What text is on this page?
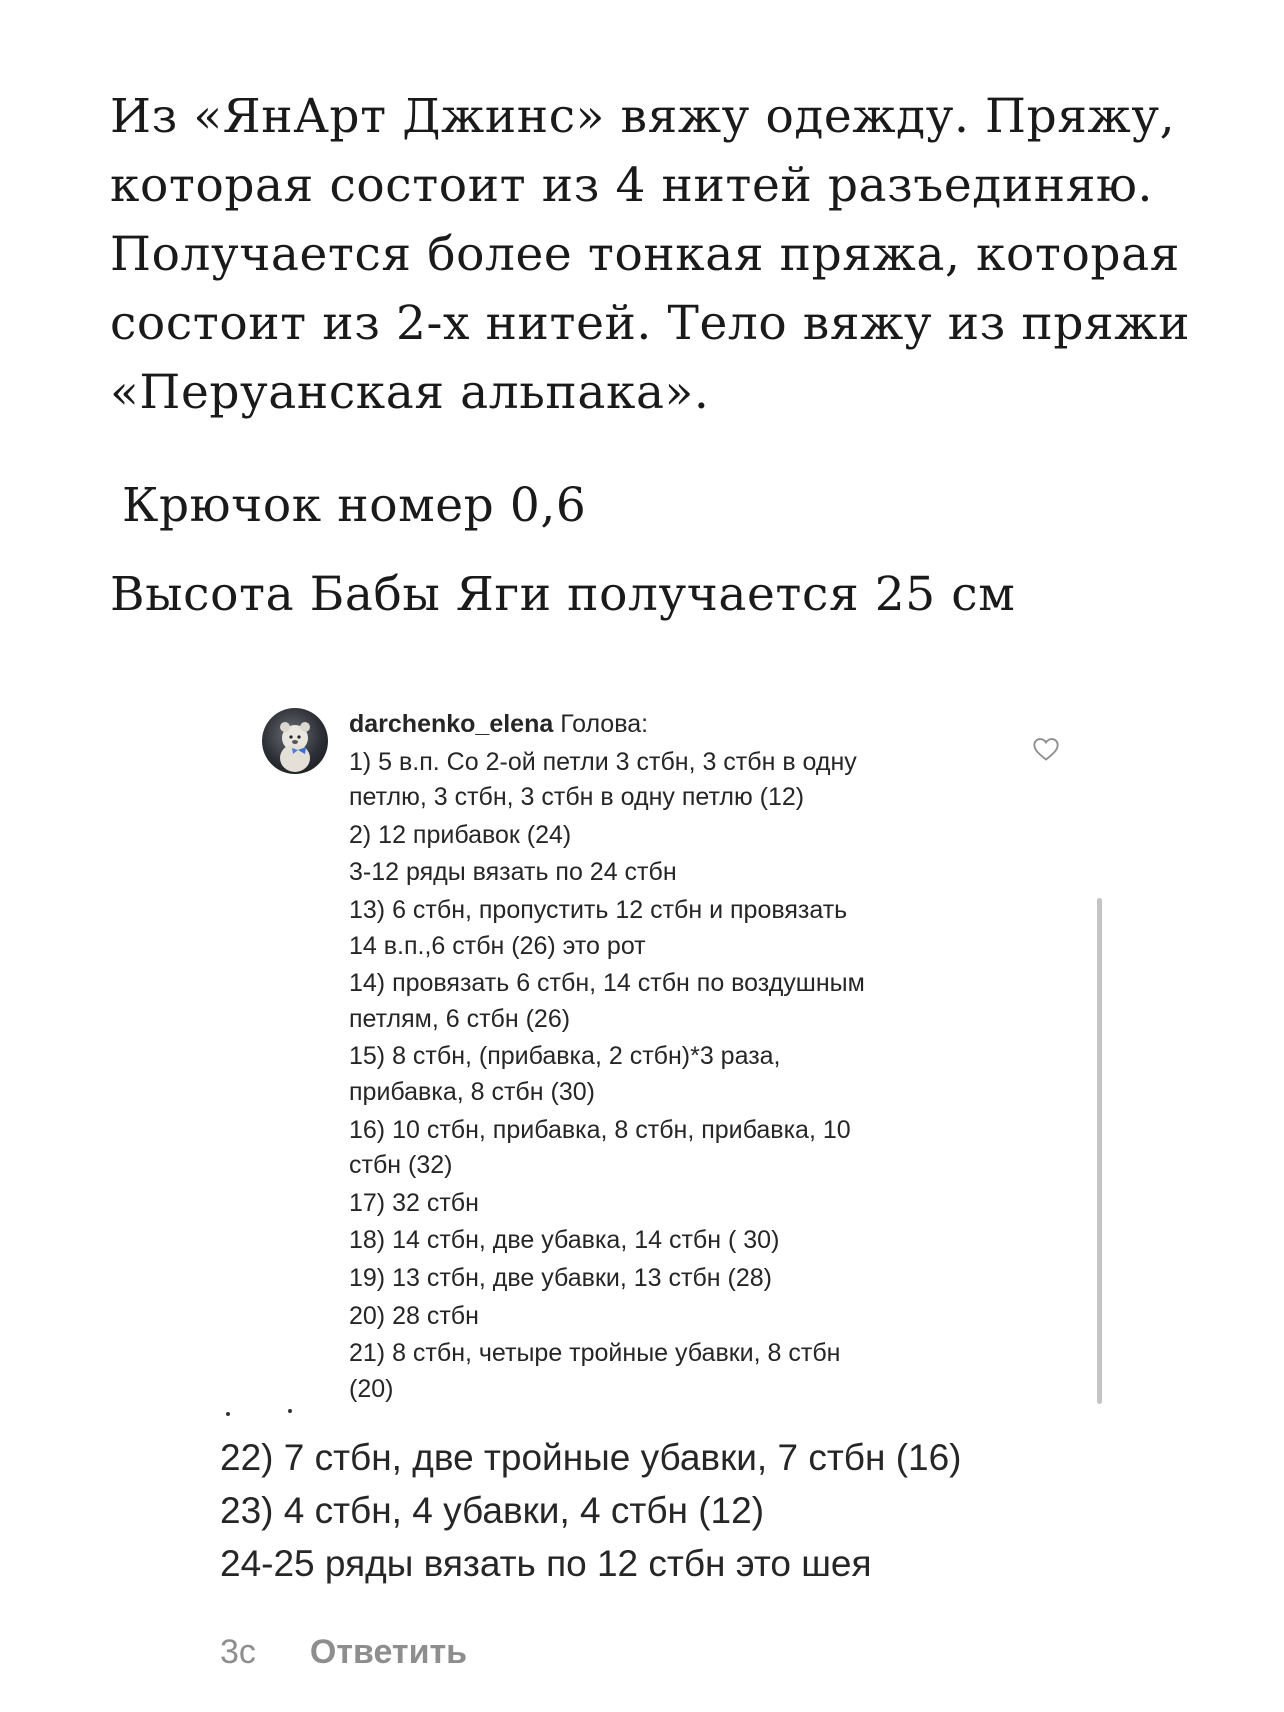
Из «ЯнАрт Джинс» вяжу одежду. Пряжу, которая состоит из 4 нитей разъединяю. Получается более тонкая пряжа, которая состоит из 2-х нитей. Тело вяжу из пряжи «Перуанская альпака».

Крючок номер 0,6
Высота Бабы Яги получается 25 см
darchenko_elena Голова:
1) 5 в.п. Со 2-ой петли 3 стбн, 3 стбн в одну
петлю, 3 стбн, 3 стбн в одну петлю (12)
2) 12 прибавок (24)
3-12 ряды вязать по 24 стбн
13) 6 стбн, пропустить 12 стбн и провязать
14 в.п.,6 стбн (26) это рот
14) провязать 6 стбн, 14 стбн по воздушным
петлям, 6 стбн (26)
15) 8 стбн, (прибавка, 2 стбн)*3 раза,
прибавка, 8 стбн (30)
16) 10 стбн, прибавка, 8 стбн, прибавка, 10
стбн (32)
17) 32 стбн
18) 14 стбн, две убавка, 14 стбн ( 30)
19) 13 стбн, две убавки, 13 стбн (28)
20) 28 стбн
21) 8 стбн, четыре тройные убавки, 8 стбн
(20)
22) 7 стбн, две тройные убавки, 7 стбн (16)
23) 4 стбн, 4 убавки, 4 стбн (12)
24-25 ряды вязать по 12 стбн это шея
3с Ответить
